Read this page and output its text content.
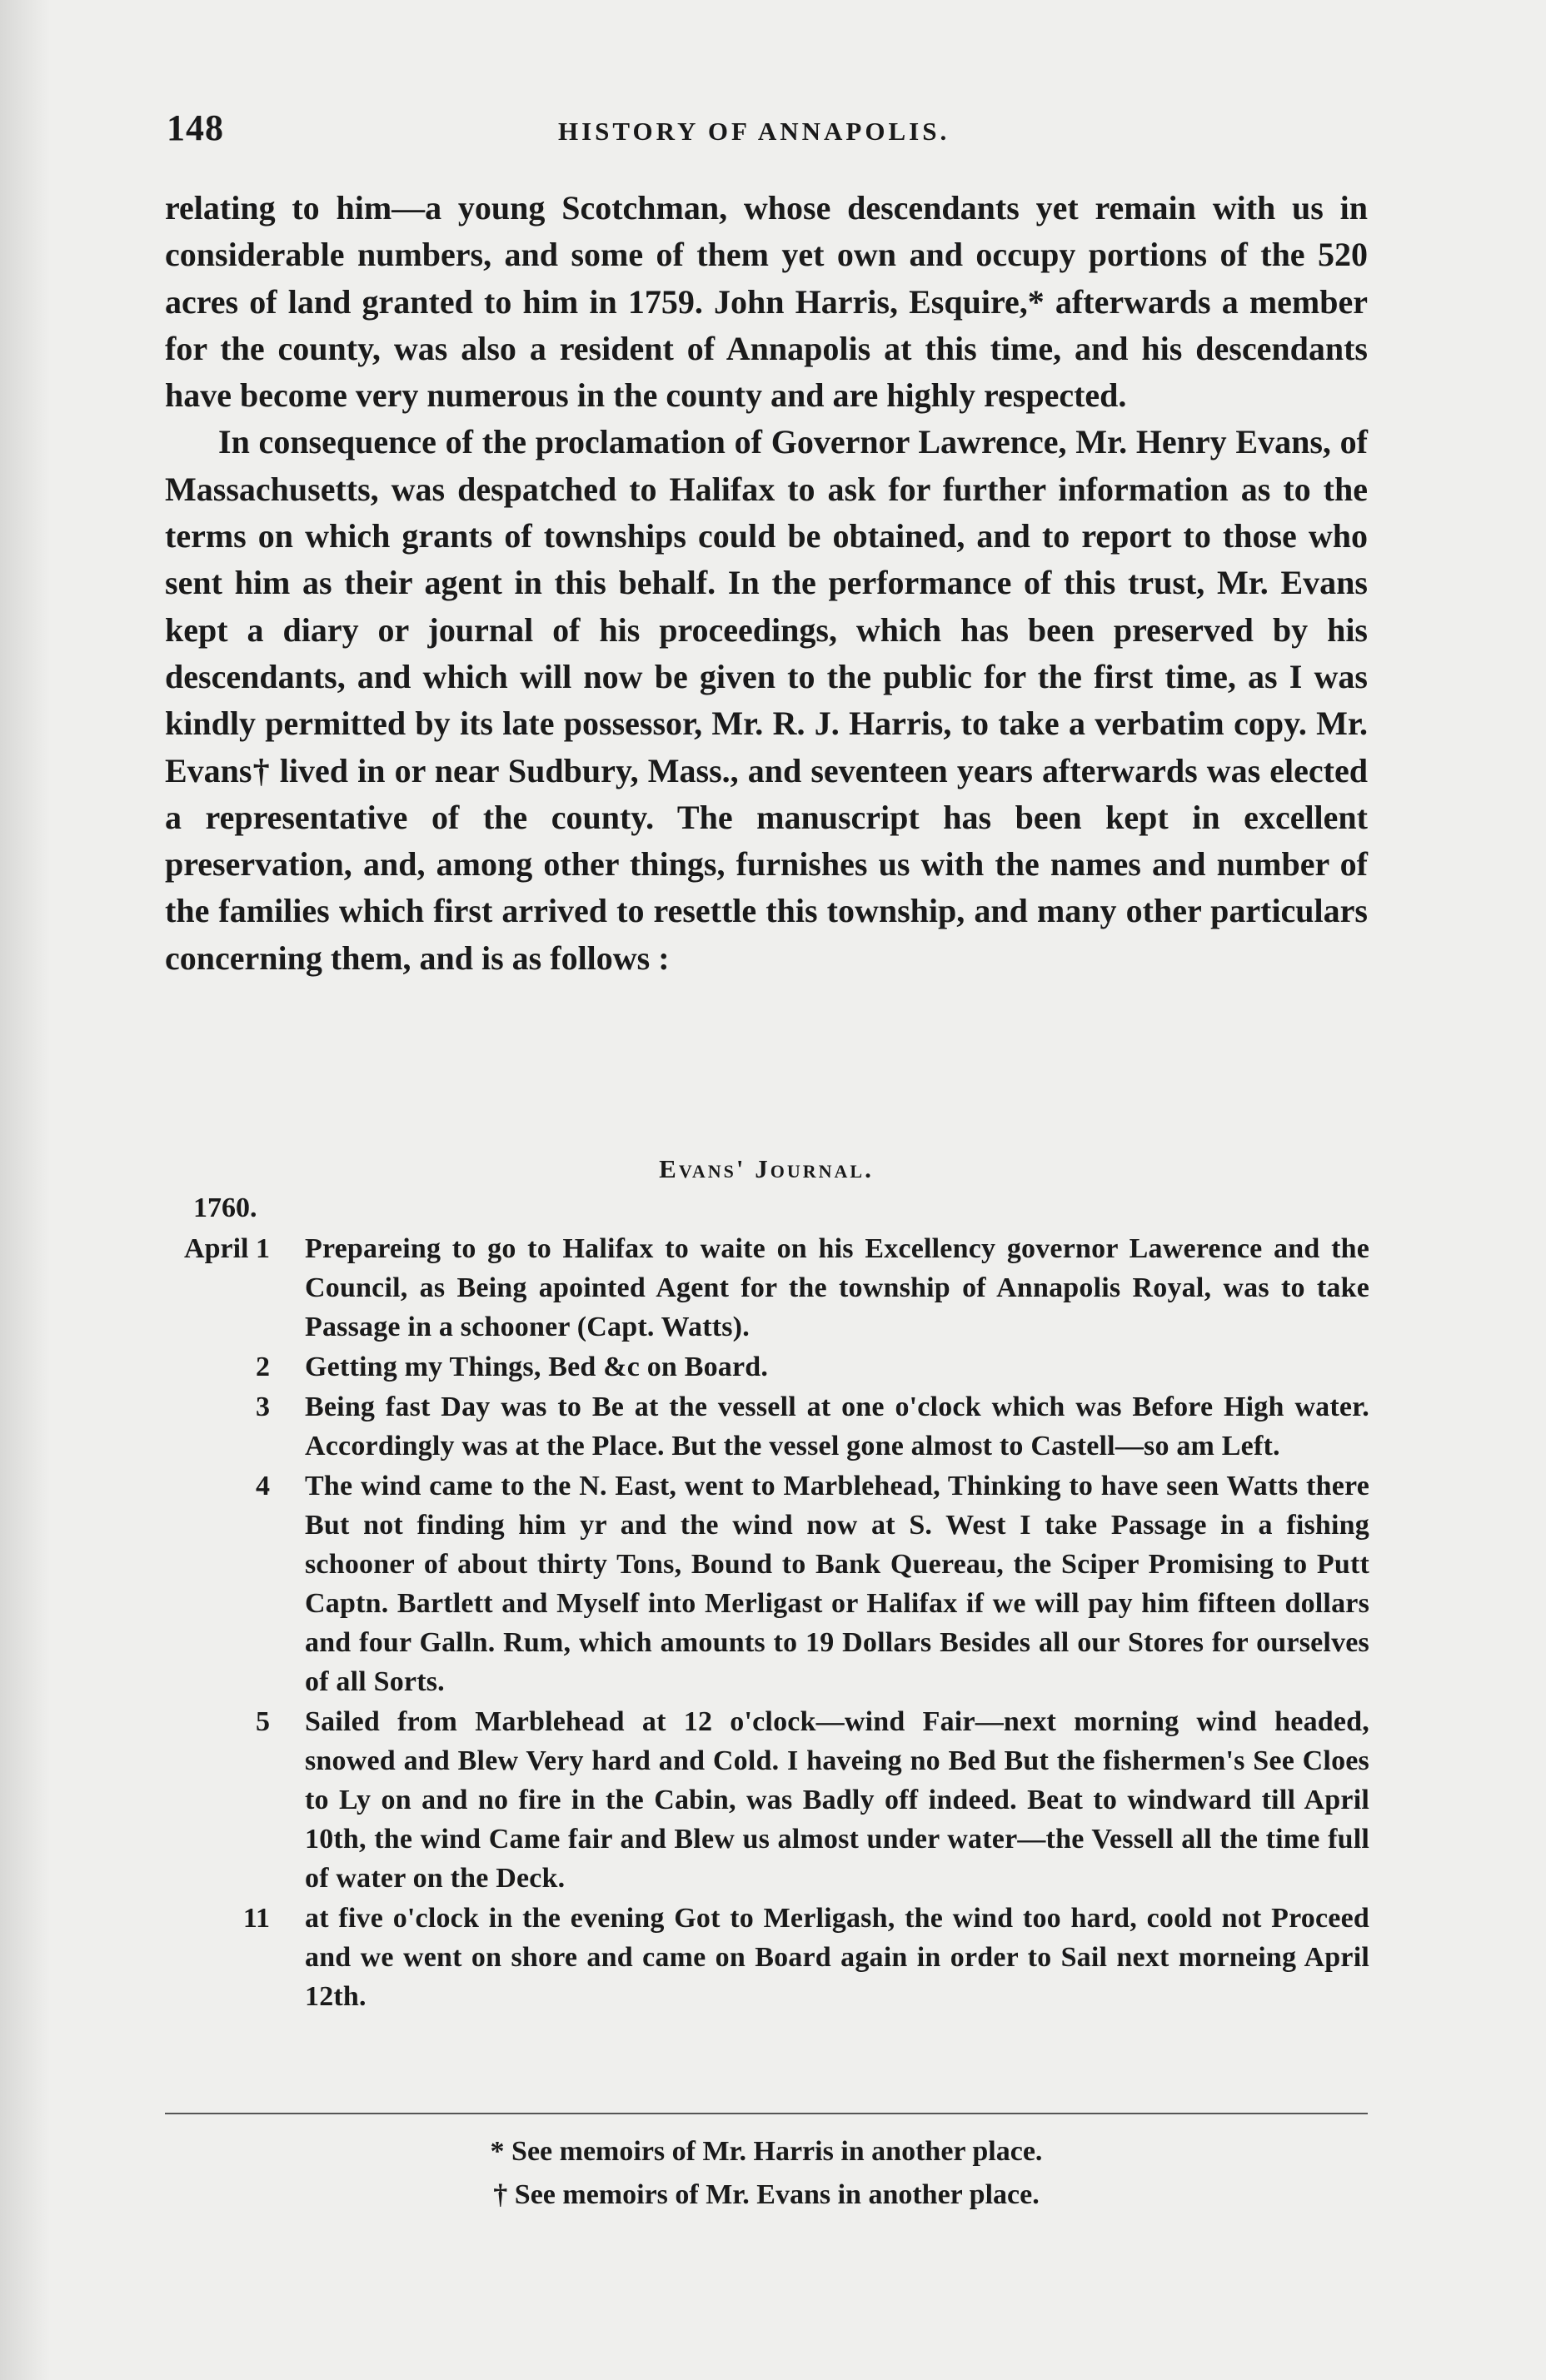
148	HISTORY OF ANNAPOLIS.

relating to him—a young Scotchman, whose descendants yet remain with us in considerable numbers, and some of them yet own and occupy portions of the 520 acres of land granted to him in 1759. John Harris, Esquire,* afterwards a member for the county, was also a resident of Annapolis at this time, and his descendants have become very numerous in the county and are highly respected.

In consequence of the proclamation of Governor Lawrence, Mr. Henry Evans, of Massachusetts, was despatched to Halifax to ask for further information as to the terms on which grants of townships could be obtained, and to report to those who sent him as their agent in this behalf. In the performance of this trust, Mr. Evans kept a diary or journal of his proceedings, which has been preserved by his descendants, and which will now be given to the public for the first time, as I was kindly permitted by its late possessor, Mr. R. J. Harris, to take a verbatim copy. Mr. Evans† lived in or near Sudbury, Mass., and seventeen years afterwards was elected a representative of the county. The manuscript has been kept in excellent preservation, and, among other things, furnishes us with the names and number of the families which first arrived to resettle this township, and many other particulars concerning them, and is as follows :

Evans' Journal.
1760.
April 1 Prepareing to go to Halifax to waite on his Excellency governor Lawerence and the Council, as Being apointed Agent for the township of Annapolis Royal, was to take Passage in a schooner (Capt. Watts).
2 Getting my Things, Bed &c on Board.
3 Being fast Day was to Be at the vessell at one o'clock which was Before High water. Accordingly was at the Place. But the vessel gone almost to Castell—so am Left.
4 The wind came to the N. East, went to Marblehead, Thinking to have seen Watts there But not finding him yr and the wind now at S. West I take Passage in a fishing schooner of about thirty Tons, Bound to Bank Quereau, the Sciper Promising to Putt Captn. Bartlett and Myself into Merligast or Halifax if we will pay him fifteen dollars and four Galln. Rum, which amounts to 19 Dollars Besides all our Stores for ourselves of all Sorts.
5 Sailed from Marblehead at 12 o'clock—wind Fair—next morning wind headed, snowed and Blew Very hard and Cold. I haveing no Bed But the fishermen's See Cloes to Ly on and no fire in the Cabin, was Badly off indeed. Beat to windward till April 10th, the wind Came fair and Blew us almost under water—the Vessell all the time full of water on the Deck.
11 at five o'clock in the evening Got to Merligash, the wind too hard, coold not Proceed and we went on shore and came on Board again in order to Sail next morneing April 12th.
* See memoirs of Mr. Harris in another place.
† See memoirs of Mr. Evans in another place.
